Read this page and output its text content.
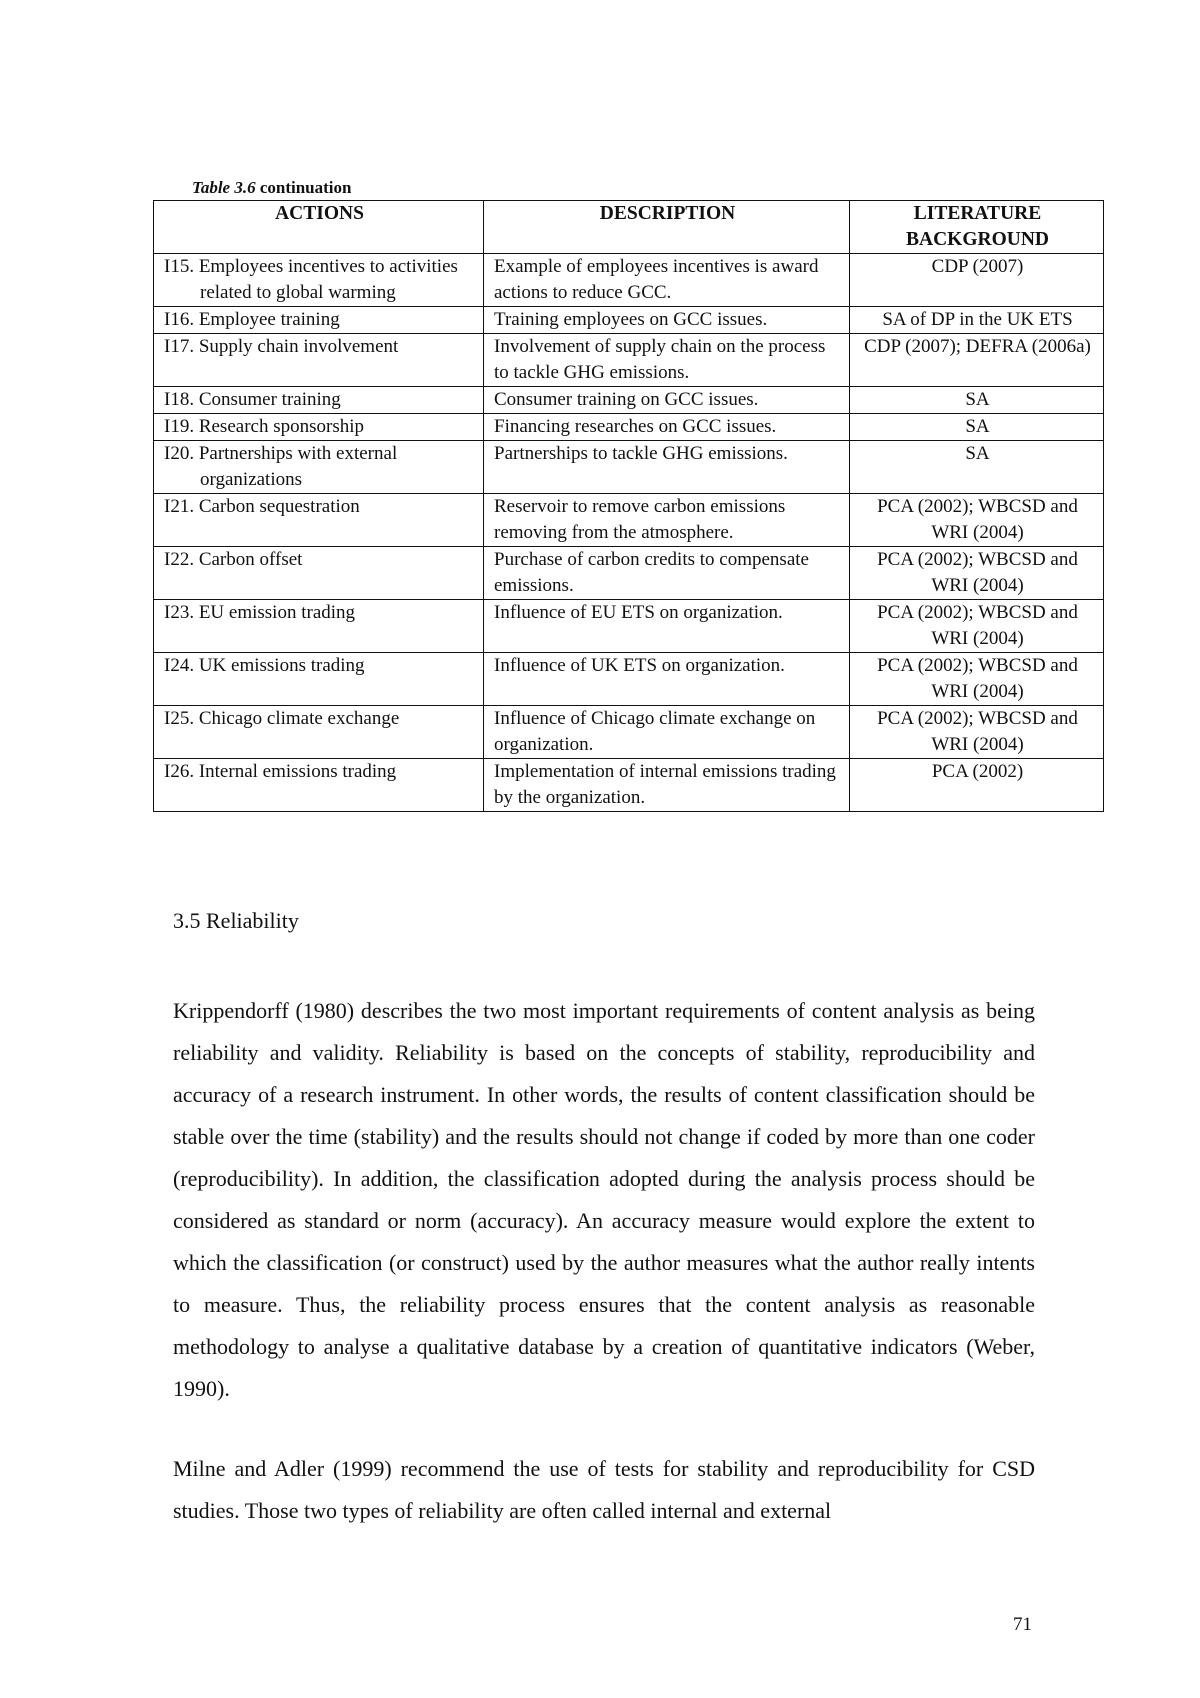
Table 3.6 continuation
ACTIONS	DESCRIPTION	LITERATURE BACKGROUND

I15. Employees incentives to activities related to global warming	Example of employees incentives is award actions to reduce GCC.	CDP (2007)

I16. Employee training	Training employees on GCC issues.	SA of DP in the UK ETS

I17. Supply chain involvement	Involvement of supply chain on the process to tackle GHG emissions.	CDP (2007); DEFRA (2006a)

I18. Consumer training	Consumer training on GCC issues.	SA

I19. Research sponsorship	Financing researches on GCC issues.	SA

I20. Partnerships with external organizations	Partnerships to tackle GHG emissions.	SA

I21. Carbon sequestration	Reservoir to remove carbon emissions removing from the atmosphere.	PCA (2002); WBCSD and WRI (2004)

I22. Carbon offset	Purchase of carbon credits to compensate emissions.	PCA (2002); WBCSD and WRI (2004)

I23. EU emission trading	Influence of EU ETS on organization.	PCA (2002); WBCSD and WRI (2004)

I24. UK emissions trading	Influence of UK ETS on organization.	PCA (2002); WBCSD and WRI (2004)

I25. Chicago climate exchange	Influence of Chicago climate exchange on organization.	PCA (2002); WBCSD and WRI (2004)

I26. Internal emissions trading	Implementation of internal emissions trading by the organization.	PCA (2002)
3.5 Reliability

Krippendorff (1980) describes the two most important requirements of content analysis as being reliability and validity. Reliability is based on the concepts of stability, reproducibility and accuracy of a research instrument. In other words, the results of content classification should be stable over the time (stability) and the results should not change if coded by more than one coder (reproducibility). In addition, the classification adopted during the analysis process should be considered as standard or norm (accuracy). An accuracy measure would explore the extent to which the classification (or construct) used by the author measures what the author really intents to measure. Thus, the reliability process ensures that the content analysis as reasonable methodology to analyse a qualitative database by a creation of quantitative indicators (Weber, 1990).

Milne and Adler (1999) recommend the use of tests for stability and reproducibility for CSD studies. Those two types of reliability are often called internal and external

71
